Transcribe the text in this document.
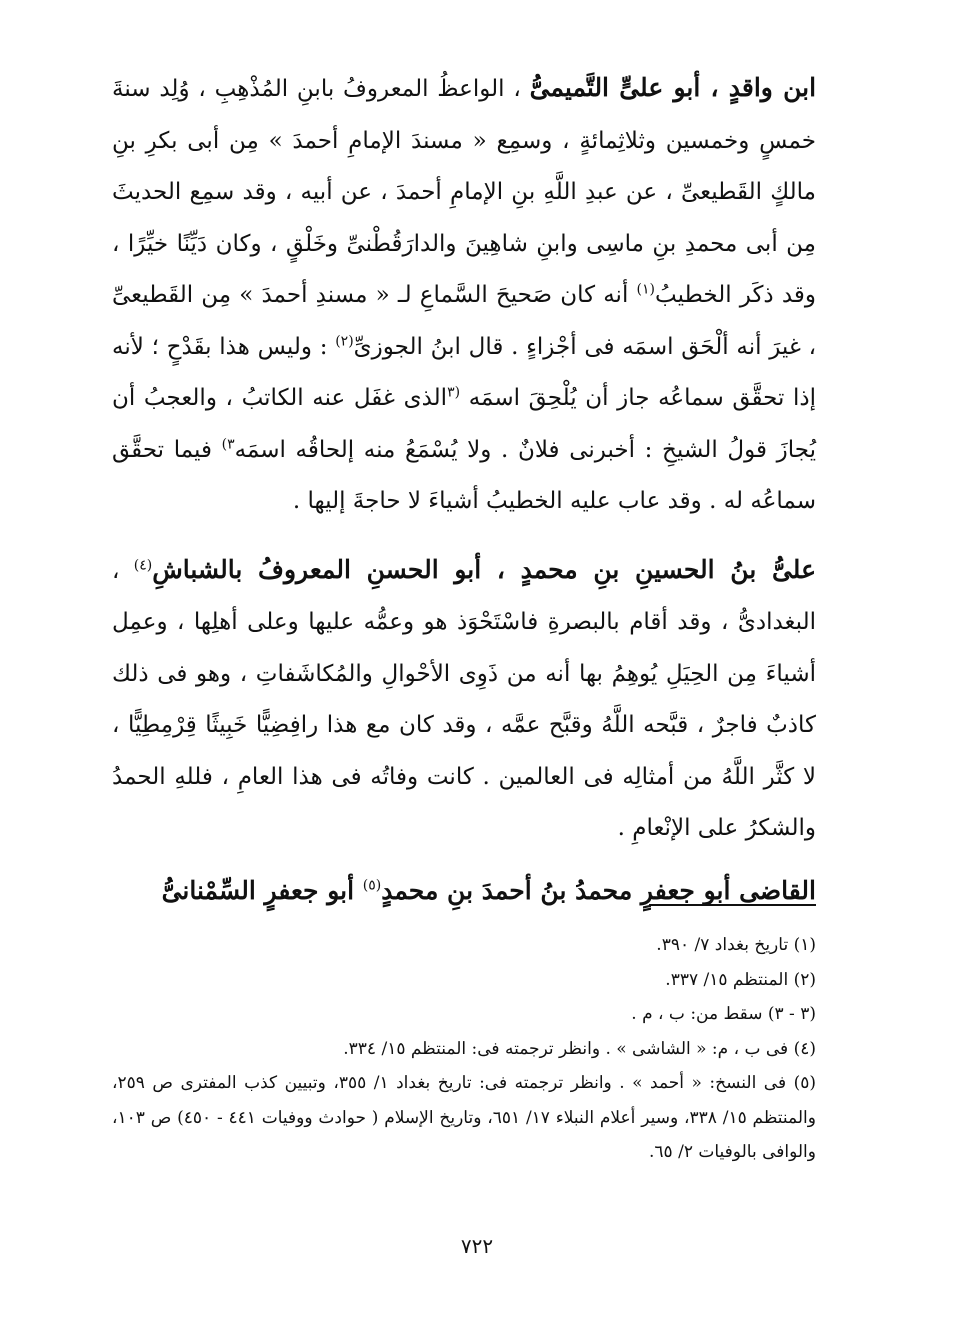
ابن واقدٍ ، أبو علىٍّ التَّميمىُّ ، الواعظُ المعروفُ بابنِ المُذْهِبِ ، وُلِد سنةَ خمسٍ وخمسين وثلاثِمائةٍ ، وسمِع « مسندَ الإمامِ أحمدَ » مِن أبى بكرِ بنِ مالكٍ القَطيعىِّ ، عن عبدِ اللَّهِ بنِ الإمامِ أحمدَ ، عن أبيه ، وقد سمِع الحديثَ مِن أبى محمدِ بنِ ماسِى وابنِ شاهِينَ والدارَقُطْنىِّ وخَلْقٍ ، وكان دَيِّنًا خيِّرًا ، وقد ذكَر الخطيبُ$^{(١)}$ أنه كان صَحيحَ السَّماعِ لـ « مسندِ أحمدَ » مِن القَطيعىِّ ، غيرَ أنه ألْحَق اسمَه فى أجْزاءٍ . قال ابنُ الجوزىِّ$^{(٢)}$ : وليس هذا بقَدْحٍ ؛ لأنه إذا تحقَّق سماعُه جاز أن يُلْحِقَ اسمَه $^{(٣}$الذى غفَل عنه الكاتبُ ، والعجبُ أن يُجازَ قولُ الشيخِ : أخبرنى فلانٌ . ولا يُسْمَعُ منه إلحاقُه اسمَه$^{٣)}$ فيما تحقَّق سماعُه له . وقد عاب عليه الخطيبُ أشياءَ لا حاجةَ إليها .

علىُّ بنُ الحسينِ بنِ محمدٍ ، أبو الحسنِ المعروفُ بالشباشِ$^{(٤)}$ ، البغدادىُّ ، وقد أقام بالبصرةِ فاسْتَحْوَذ هو وعمُّه عليها وعلى أهلِها ، وعمِل أشياءَ مِن الحِيَلِ يُوهِمُ بها أنه من ذَوِى الأحْوالِ والمُكاشَفاتِ ، وهو فى ذلك كاذبٌ فاجرٌ ، قبَّحه اللَّهُ وقبَّح عمَّه ، وقد كان مع هذا رافِضِيًّا خَبِيثًا قِرْمِطِيًّا ، لا كثَّر اللَّهُ من أمثالِه فى العالمين . كانت وفاتُه فى هذا العامِ ، فللهِ الحمدُ والشكرُ على الإنْعامِ .

القاضى أبو جعفرٍ محمدُ بنُ أحمدَ بنِ محمدٍ$^{(٥)}$ أبو جعفرٍ السِّمْنانىُّ

(١) تاريخ بغداد ٧/ ٣٩٠.

(٢) المنتظم ١٥/ ٣٣٧.

(٣ - ٣) سقط من: ب ، م .

(٤) فى ب ، م: « الشاشى » . وانظر ترجمته فى: المنتظم ١٥/ ٣٣٤.

(٥) فى النسخ: « أحمد » . وانظر ترجمته فى: تاريخ بغداد ١/ ٣٥٥، وتبيين كذب المفترى ص ٢٥٩، والمنتظم ١٥/ ٣٣٨، وسير أعلام النبلاء ١٧/ ٦٥١، وتاريخ الإسلام ( حوادث ووفيات ٤٤١ - ٤٥٠) ص ١٠٣، والوافى بالوفيات ٢/ ٦٥.

٧٢٢
